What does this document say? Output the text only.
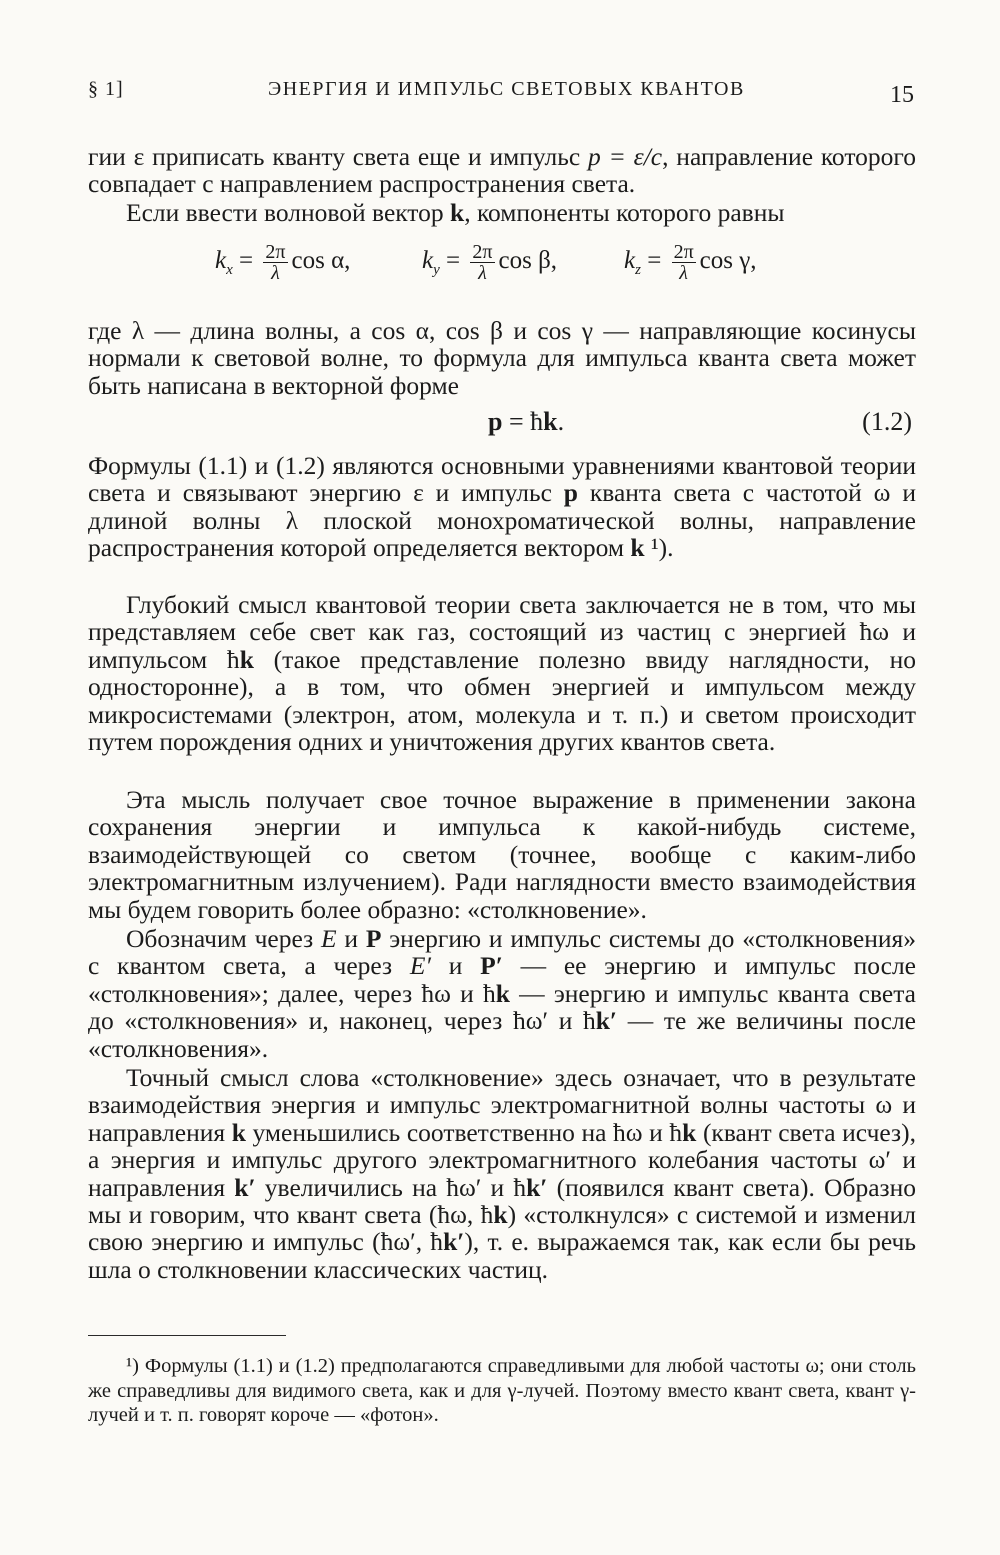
§ 1]	ЭНЕРГИЯ И ИМПУЛЬС СВЕТОВЫХ КВАНТОВ	15

гии ε приписать кванту света еще и импульс p = ε/c, направление которого совпадает с направлением распространения света.

Если ввести волновой вектор k, компоненты которого равны

$k_x = \frac{2\pi}{\lambda}$ cos α,	$k_y = \frac{2\pi}{\lambda}$ cos β,	$k_z = \frac{2\pi}{\lambda}$ cos γ,

где λ — длина волны, а cos α, cos β и cos γ — направляющие косинусы нормали к световой волне, то формула для импульса кванта света может быть написана в векторной форме

p = ħk.	(1.2)

Формулы (1.1) и (1.2) являются основными уравнениями квантовой теории света и связывают энергию ε и импульс p кванта света с частотой ω и длиной волны λ плоской монохроматической волны, направление распространения которой определяется вектором k ¹).

Глубокий смысл квантовой теории света заключается не в том, что мы представляем себе свет как газ, состоящий из частиц с энергией ħω и импульсом ħk (такое представление полезно ввиду наглядности, но односторонне), а в том, что обмен энергией и импульсом между микросистемами (электрон, атом, молекула и т. п.) и светом происходит путем порождения одних и уничтожения других квантов света.

Эта мысль получает свое точное выражение в применении закона сохранения энергии и импульса к какой-нибудь системе, взаимодействующей со светом (точнее, вообще с каким-либо электромагнитным излучением). Ради наглядности вместо взаимодействия мы будем говорить более образно: «столкновение».

Обозначим через E и P энергию и импульс системы до «столкновения» с квантом света, а через E′ и P′ — ее энергию и импульс после «столкновения»; далее, через ħω и ħk — энергию и импульс кванта света до «столкновения» и, наконец, через ħω′ и ħk′ — те же величины после «столкновения».

Точный смысл слова «столкновение» здесь означает, что в результате взаимодействия энергия и импульс электромагнитной волны частоты ω и направления k уменьшились соответственно на ħω и ħk (квант света исчез), а энергия и импульс другого электромагнитного колебания частоты ω′ и направления k′ увеличились на ħω′ и ħk′ (появился квант света). Образно мы и говорим, что квант света (ħω, ħk) «столкнулся» с системой и изменил свою энергию и импульс (ħω′, ħk′), т. е. выражаемся так, как если бы речь шла о столкновении классических частиц.

¹) Формулы (1.1) и (1.2) предполагаются справедливыми для любой частоты ω; они столь же справедливы для видимого света, как и для γ-лучей. Поэтому вместо квант света, квант γ-лучей и т. п. говорят короче — «фотон».
